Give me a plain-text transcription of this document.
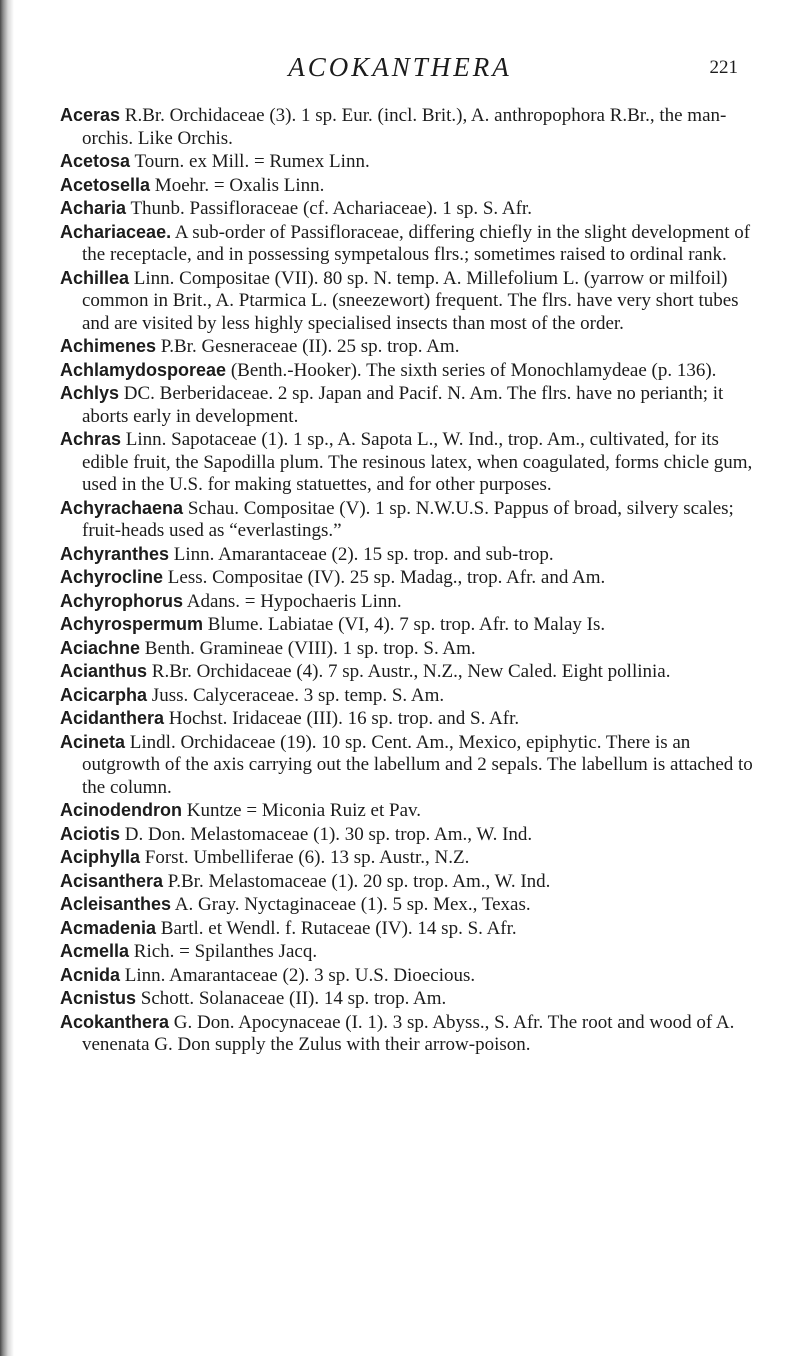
ACOKANTHERA	221

Aceras R.Br. Orchidaceae (3). 1 sp. Eur. (incl. Brit.), A. anthropophora R.Br., the man-orchis. Like Orchis.

Acetosa Tourn. ex Mill. = Rumex Linn.

Acetosella Moehr. = Oxalis Linn.

Acharia Thunb. Passifloraceae (cf. Achariaceae). 1 sp. S. Afr.

Achariaceae. A sub-order of Passifloraceae, differing chiefly in the slight development of the receptacle, and in possessing sympetalous flrs.; sometimes raised to ordinal rank.

Achillea Linn. Compositae (VII). 80 sp. N. temp. A. Millefolium L. (yarrow or milfoil) common in Brit., A. Ptarmica L. (sneezewort) frequent. The flrs. have very short tubes and are visited by less highly specialised insects than most of the order.

Achimenes P.Br. Gesneraceae (II). 25 sp. trop. Am.

Achlamydosporeae (Benth.-Hooker). The sixth series of Monochlamydeae (p. 136).

Achlys DC. Berberidaceae. 2 sp. Japan and Pacif. N. Am. The flrs. have no perianth; it aborts early in development.

Achras Linn. Sapotaceae (1). 1 sp., A. Sapota L., W. Ind., trop. Am., cultivated, for its edible fruit, the Sapodilla plum. The resinous latex, when coagulated, forms chicle gum, used in the U.S. for making statuettes, and for other purposes.

Achyrachaena Schau. Compositae (V). 1 sp. N.W.U.S. Pappus of broad, silvery scales; fruit-heads used as “everlastings.”

Achyranthes Linn. Amarantaceae (2). 15 sp. trop. and sub-trop.

Achyrocline Less. Compositae (IV). 25 sp. Madag., trop. Afr. and Am.

Achyrophorus Adans. = Hypochaeris Linn.

Achyrospermum Blume. Labiatae (VI, 4). 7 sp. trop. Afr. to Malay Is.

Aciachne Benth. Gramineae (VIII). 1 sp. trop. S. Am.

Acianthus R.Br. Orchidaceae (4). 7 sp. Austr., N.Z., New Caled. Eight pollinia.

Acicarpha Juss. Calyceraceae. 3 sp. temp. S. Am.

Acidanthera Hochst. Iridaceae (III). 16 sp. trop. and S. Afr.

Acineta Lindl. Orchidaceae (19). 10 sp. Cent. Am., Mexico, epiphytic. There is an outgrowth of the axis carrying out the labellum and 2 sepals. The labellum is attached to the column.

Acinodendron Kuntze = Miconia Ruiz et Pav.

Aciotis D. Don. Melastomaceae (1). 30 sp. trop. Am., W. Ind.

Aciphylla Forst. Umbelliferae (6). 13 sp. Austr., N.Z.

Acisanthera P.Br. Melastomaceae (1). 20 sp. trop. Am., W. Ind.

Acleisanthes A. Gray. Nyctaginaceae (1). 5 sp. Mex., Texas.

Acmadenia Bartl. et Wendl. f. Rutaceae (IV). 14 sp. S. Afr.

Acmella Rich. = Spilanthes Jacq.

Acnida Linn. Amarantaceae (2). 3 sp. U.S. Dioecious.

Acnistus Schott. Solanaceae (II). 14 sp. trop. Am.

Acokanthera G. Don. Apocynaceae (I. 1). 3 sp. Abyss., S. Afr. The root and wood of A. venenata G. Don supply the Zulus with their arrow-poison.
